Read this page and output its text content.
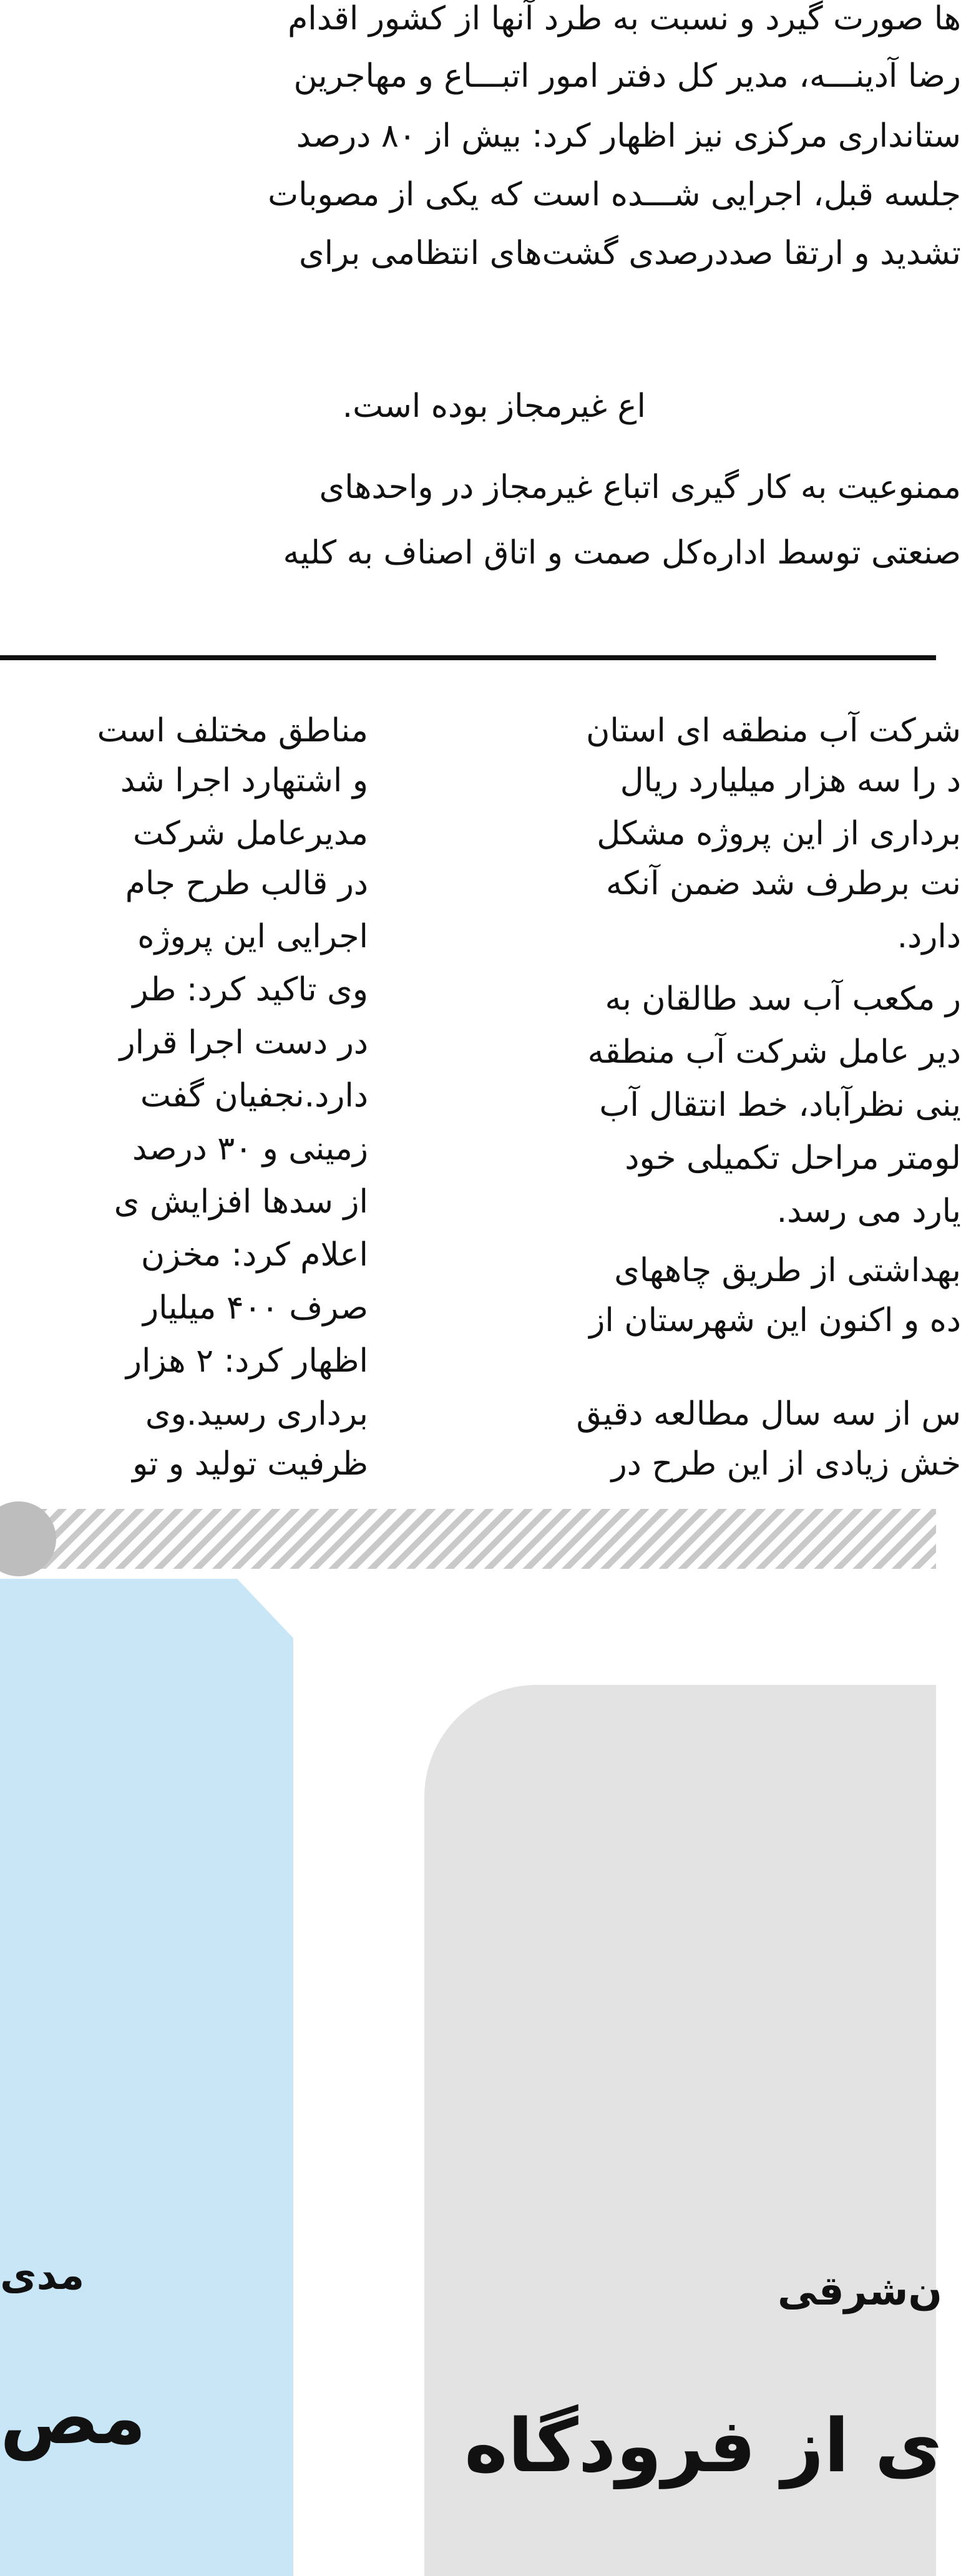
ها صورت گیرد و نسبت به طرد آنها از کشور اقدام
رضا آدینـــه، مدیر کل دفتر امور اتبـــاع و مهاجرین
ستانداری مرکزی نیز اظهار کرد: بیش از ۸۰ درصد
جلسه قبل، اجرایی شـــده است که یکی از مصوبات
تشدید و ارتقا صددرصدی گشت‌های انتظامی برای
اع غیرمجاز بوده است.
ممنوعیت به کار گیری اتباع غیرمجاز در واحدهای
صنعتی توسط اداره‌کل صمت و اتاق اصناف به کلیه
شرکت آب منطقه ای استان
د را سه هزار میلیارد ریال
برداری از این پروژه مشکل
نت برطرف شد ضمن آنکه
دارد.
ر مکعب آب سد طالقان به
دیر عامل شرکت آب منطقه
ینی نظرآباد، خط انتقال آب
لومتر مراحل تکمیلی خود
یارد می رسد.
بهداشتی از طریق چاههای
ده و اکنون این شهرستان از
س از سه سال مطالعه دقیق
خش زیادی از این طرح در
مناطق مختلف است
و اشتهارد اجرا شد
مدیرعامل شرکت
در قالب طرح جام
اجرایی این پروژه
وی تاکید کرد: طر
در دست اجرا قرار
دارد.نجفیان گفت
زمینی و ۳۰ درصد
از سدها افزایش ی
اعلام کرد: مخزن
صرف ۴۰۰ میلیار
اظهار کرد: ۲ هزار
برداری رسید.وی
ظرفیت تولید و تو
مدی
مص
ن‌شرقی
ی از فرودگاه
